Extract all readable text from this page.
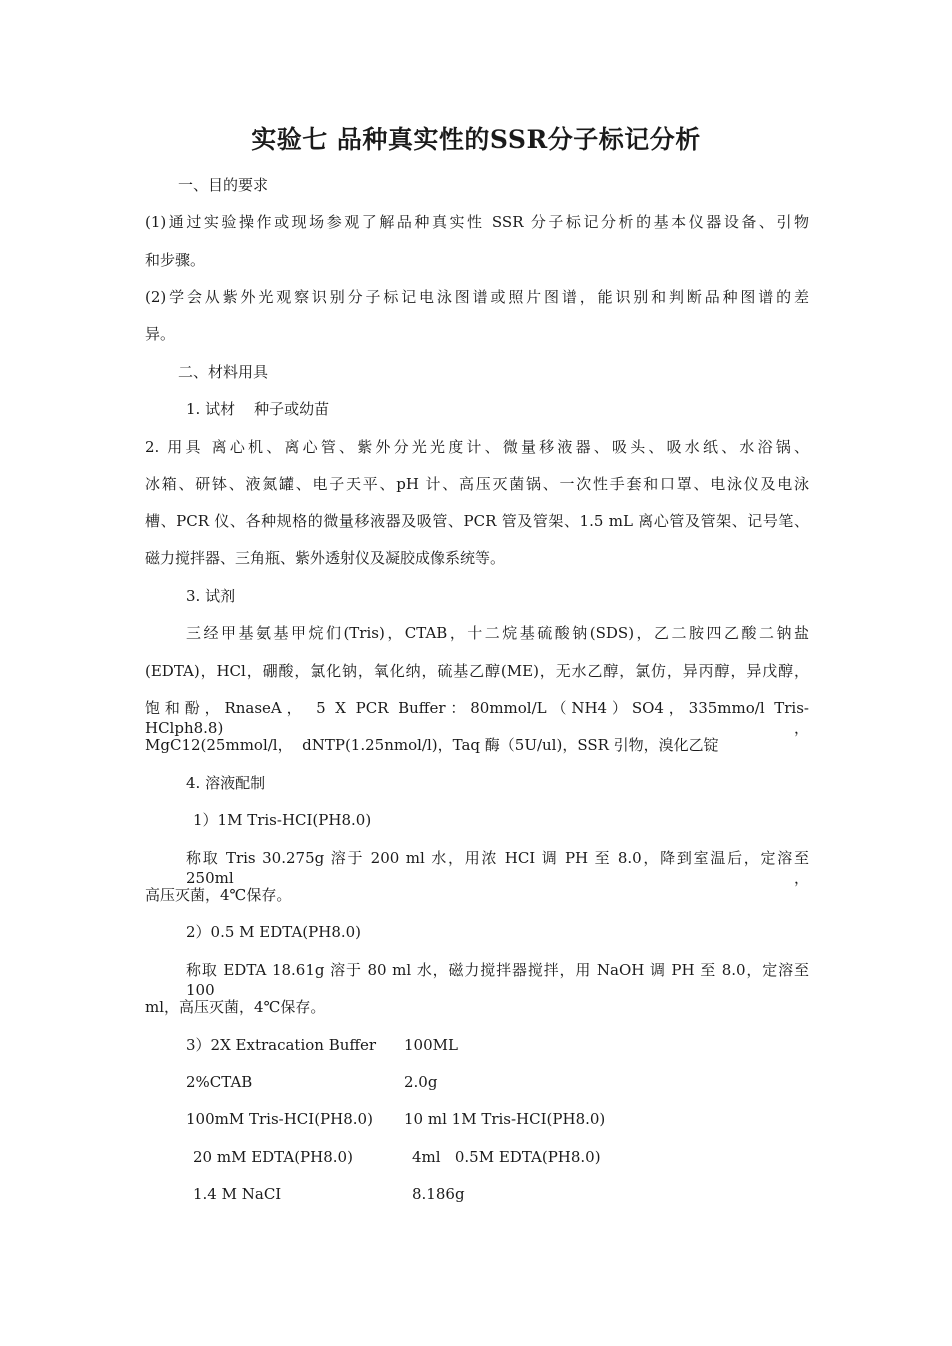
实验七 品种真实性的SSR分子标记分析
一、目的要求
(1)通过实验操作或现场参观了解品种真实性 SSR 分子标记分析的基本仪器设备、引物
和步骤。
(2)学会从紫外光观察识别分子标记电泳图谱或照片图谱，能识别和判断品种图谱的差
异。
二、材料用具
1. 试材    种子或幼苗
2. 用具 离心机、离心管、紫外分光光度计、微量移液器、吸头、吸水纸、水浴锅、
冰箱、研钵、液氮罐、电子天平、pH 计、高压灭菌锅、一次性手套和口罩、电泳仪及电泳
槽、PCR 仪、各种规格的微量移液器及吸管、PCR 管及管架、1.5 mL 离心管及管架、记号笔、
磁力搅拌器、三角瓶、紫外透射仪及凝胶成像系统等。
3. 试剂
三经甲基氨基甲烷们(Tris)，CTAB，十二烷基硫酸钠(SDS)，乙二胺四乙酸二钠盐
(EDTA)，HCl，硼酸，氯化钠，氧化纳，硫基乙醇(ME)，无水乙醇，氯仿，异丙醇，异戊醇，
饱和酚，RnaseA， 5 X PCR Buffer：80mmol/L（NH4）SO4，335mmo/l Tris-HClph8.8)，
MgC12(25mmol/l，  dNTP(1.25nmol/l)，Taq 酶（5U/ul)，SSR 引物，溴化乙锭
4. 溶液配制
1）1M Tris-HCI(PH8.0)
称取 Tris 30.275g 溶于 200 ml 水，用浓 HCI 调 PH 至 8.0，降到室温后，定溶至 250ml，
高压灭菌，4℃保存。
2）0.5 M EDTA(PH8.0)
称取 EDTA 18.61g 溶于 80 ml 水，磁力搅拌器搅拌，用 NaOH 调 PH 至 8.0，定溶至 100
ml，高压灭菌，4℃保存。
3）2X Extracation Buffer 100ML
2%CTAB	2.0g
100mM Tris-HCI(PH8.0) 10 ml 1M Tris-HCI(PH8.0)
20 mM EDTA(PH8.0)	4ml   0.5M EDTA(PH8.0)
1.4 M NaCI	8.186g
